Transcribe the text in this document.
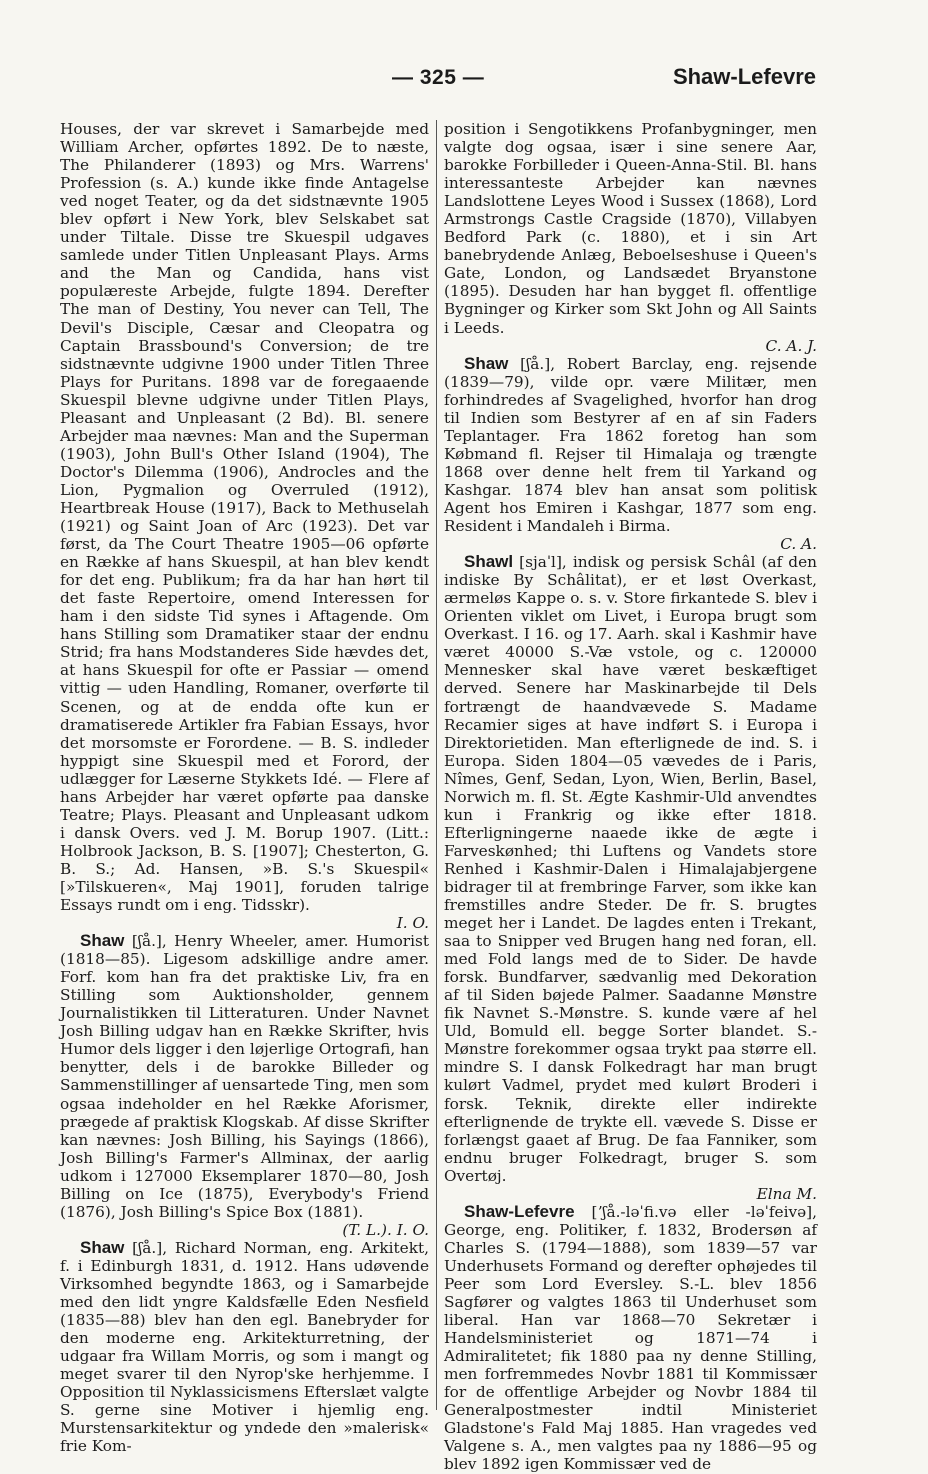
— 325 —	Shaw-Lefevre

Houses, der var skrevet i Samarbejde med William Archer, opførtes 1892. De to næste, The Philanderer (1893) og Mrs. Warrens' Profession (s. A.) kunde ikke finde Antagelse ved noget Teater, og da det sidstnævnte 1905 blev opført i New York, blev Selskabet sat under Tiltale. Disse tre Skuespil udgaves samlede under Titlen Unpleasant Plays. Arms and the Man og Candida, hans vist populæreste Arbejde, fulgte 1894. Derefter The man of Destiny, You never can Tell, The Devil's Disciple, Cæsar and Cleopatra og Captain Brassbound's Conversion; de tre sidstnævnte udgivne 1900 under Titlen Three Plays for Puritans. 1898 var de foregaaende Skuespil blevne udgivne under Titlen Plays, Pleasant and Unpleasant (2 Bd). Bl. senere Arbejder maa nævnes: Man and the Superman (1903), John Bull's Other Island (1904), The Doctor's Dilemma (1906), Androcles and the Lion, Pygmalion og Overruled (1912), Heartbreak House (1917), Back to Methuselah (1921) og Saint Joan of Arc (1923). Det var først, da The Court Theatre 1905—06 opførte en Række af hans Skuespil, at han blev kendt for det eng. Publikum; fra da har han hørt til det faste Repertoire, omend Interessen for ham i den sidste Tid synes i Aftagende. Om hans Stilling som Dramatiker staar der endnu Strid; fra hans Modstanderes Side hævdes det, at hans Skuespil for ofte er Passiar — omend vittig — uden Handling, Romaner, overførte til Scenen, og at de endda ofte kun er dramatiserede Artikler fra Fabian Essays, hvor det morsomste er Forordene. — B. S. indleder hyppigt sine Skuespil med et Forord, der udlægger for Læserne Stykkets Idé. — Flere af hans Arbejder har været opførte paa danske Teatre; Plays. Pleasant and Unpleasant udkom i dansk Overs. ved J. M. Borup 1907. (Litt.: Holbrook Jackson, B. S. [1907]; Chesterton, G. B. S.; Ad. Hansen, »B. S.'s Skuespil« [»Tilskueren«, Maj 1901], foruden talrige Essays rundt om i eng. Tidsskr).
I. O.

Shaw [ʃå.], Henry Wheeler, amer. Humorist (1818—85). Ligesom adskillige andre amer. Forf. kom han fra det praktiske Liv, fra en Stilling som Auktionsholder, gennem Journalistikken til Litteraturen. Under Navnet Josh Billing udgav han en Række Skrifter, hvis Humor dels ligger i den løjerlige Ortografi, han benytter, dels i de barokke Billeder og Sammenstillinger af uensartede Ting, men som ogsaa indeholder en hel Række Aforismer, prægede af praktisk Klogskab. Af disse Skrifter kan nævnes: Josh Billing, his Sayings (1866), Josh Billing's Farmer's Allminax, der aarlig udkom i 127000 Eksemplarer 1870—80, Josh Billing on Ice (1875), Everybody's Friend (1876), Josh Billing's Spice Box (1881).
(T. L.). I. O.

Shaw [ʃå.], Richard Norman, eng. Arkitekt, f. i Edinburgh 1831, d. 1912. Hans udøvende Virksomhed begyndte 1863, og i Samarbejde med den lidt yngre Kaldsfælle Eden Nesfield (1835—88) blev han den egl. Banebryder for den moderne eng. Arkitekturretning, der udgaar fra Willam Morris, og som i mangt og meget svarer til den Nyrop'ske herhjemme. I Opposition til Nyklassicismens Efterslæt valgte S. gerne sine Motiver i hjemlig eng. Murstensarkitektur og yndede den »malerisk« frie Kom-

position i Sengotikkens Profanbygninger, men valgte dog ogsaa, især i sine senere Aar, barokke Forbilleder i Queen-Anna-Stil. Bl. hans interessanteste Arbejder kan nævnes Landslottene Leyes Wood i Sussex (1868), Lord Armstrongs Castle Cragside (1870), Villabyen Bedford Park (c. 1880), et i sin Art banebrydende Anlæg, Beboelseshuse i Queen's Gate, London, og Landsædet Bryanstone (1895). Desuden har han bygget fl. offentlige Bygninger og Kirker som Skt John og All Saints i Leeds.
C. A. J.

Shaw [ʃå.], Robert Barclay, eng. rejsende (1839—79), vilde opr. være Militær, men forhindredes af Svagelighed, hvorfor han drog til Indien som Bestyrer af en af sin Faders Teplantager. Fra 1862 foretog han som Købmand fl. Rejser til Himalaja og trængte 1868 over denne helt frem til Yarkand og Kashgar. 1874 blev han ansat som politisk Agent hos Emiren i Kashgar, 1877 som eng. Resident i Mandaleh i Birma.
C. A.

Shawl [sjaˈl], indisk og persisk Schâl (af den indiske By Schâlitat), er et løst Overkast, ærmeløs Kappe o. s. v. Store firkantede S. blev i Orienten viklet om Livet, i Europa brugt som Overkast. I 16. og 17. Aarh. skal i Kashmir have været 40000 S.-Væ vstole, og c. 120000 Mennesker skal have været beskæftiget derved. Senere har Maskinarbejde til Dels fortrængt de haandvævede S. Madame Recamier siges at have indført S. i Europa i Direktorietiden. Man efterlignede de ind. S. i Europa. Siden 1804—05 vævedes de i Paris, Nîmes, Genf, Sedan, Lyon, Wien, Berlin, Basel, Norwich m. fl. St. Ægte Kashmir-Uld anvendtes kun i Frankrig og ikke efter 1818. Efterligningerne naaede ikke de ægte i Farveskønhed; thi Luftens og Vandets store Renhed i Kashmir-Dalen i Himalajabjergene bidrager til at frembringe Farver, som ikke kan fremstilles andre Steder. De fr. S. brugtes meget her i Landet. De lagdes enten i Trekant, saa to Snipper ved Brugen hang ned foran, ell. med Fold langs med de to Sider. De havde forsk. Bundfarver, sædvanlig med Dekoration af til Siden bøjede Palmer. Saadanne Mønstre fik Navnet S.-Mønstre. S. kunde være af hel Uld, Bomuld ell. begge Sorter blandet. S.-Mønstre forekommer ogsaa trykt paa større ell. mindre S. I dansk Folkedragt har man brugt kulørt Vadmel, prydet med kulørt Broderi i forsk. Teknik, direkte eller indirekte efterlignende de trykte ell. vævede S. Disse er forlængst gaaet af Brug. De faa Fanniker, som endnu bruger Folkedragt, bruger S. som Overtøj.
Elna M.

Shaw-Lefevre [ʼʃå.-ləˈfi.və eller -ləˈfeivə], George, eng. Politiker, f. 1832, Brodersøn af Charles S. (1794—1888), som 1839—57 var Underhusets Formand og derefter ophøjedes til Peer som Lord Eversley. S.-L. blev 1856 Sagfører og valgtes 1863 til Underhuset som liberal. Han var 1868—70 Sekretær i Handelsministeriet og 1871—74 i Admiralitetet; fik 1880 paa ny denne Stilling, men forfremmedes Novbr 1881 til Kommissær for de offentlige Arbejder og Novbr 1884 til Generalpostmester indtil Ministeriet Gladstone's Fald Maj 1885. Han vragedes ved Valgene s. A., men valgtes paa ny 1886—95 og blev 1892 igen Kommissær ved de
